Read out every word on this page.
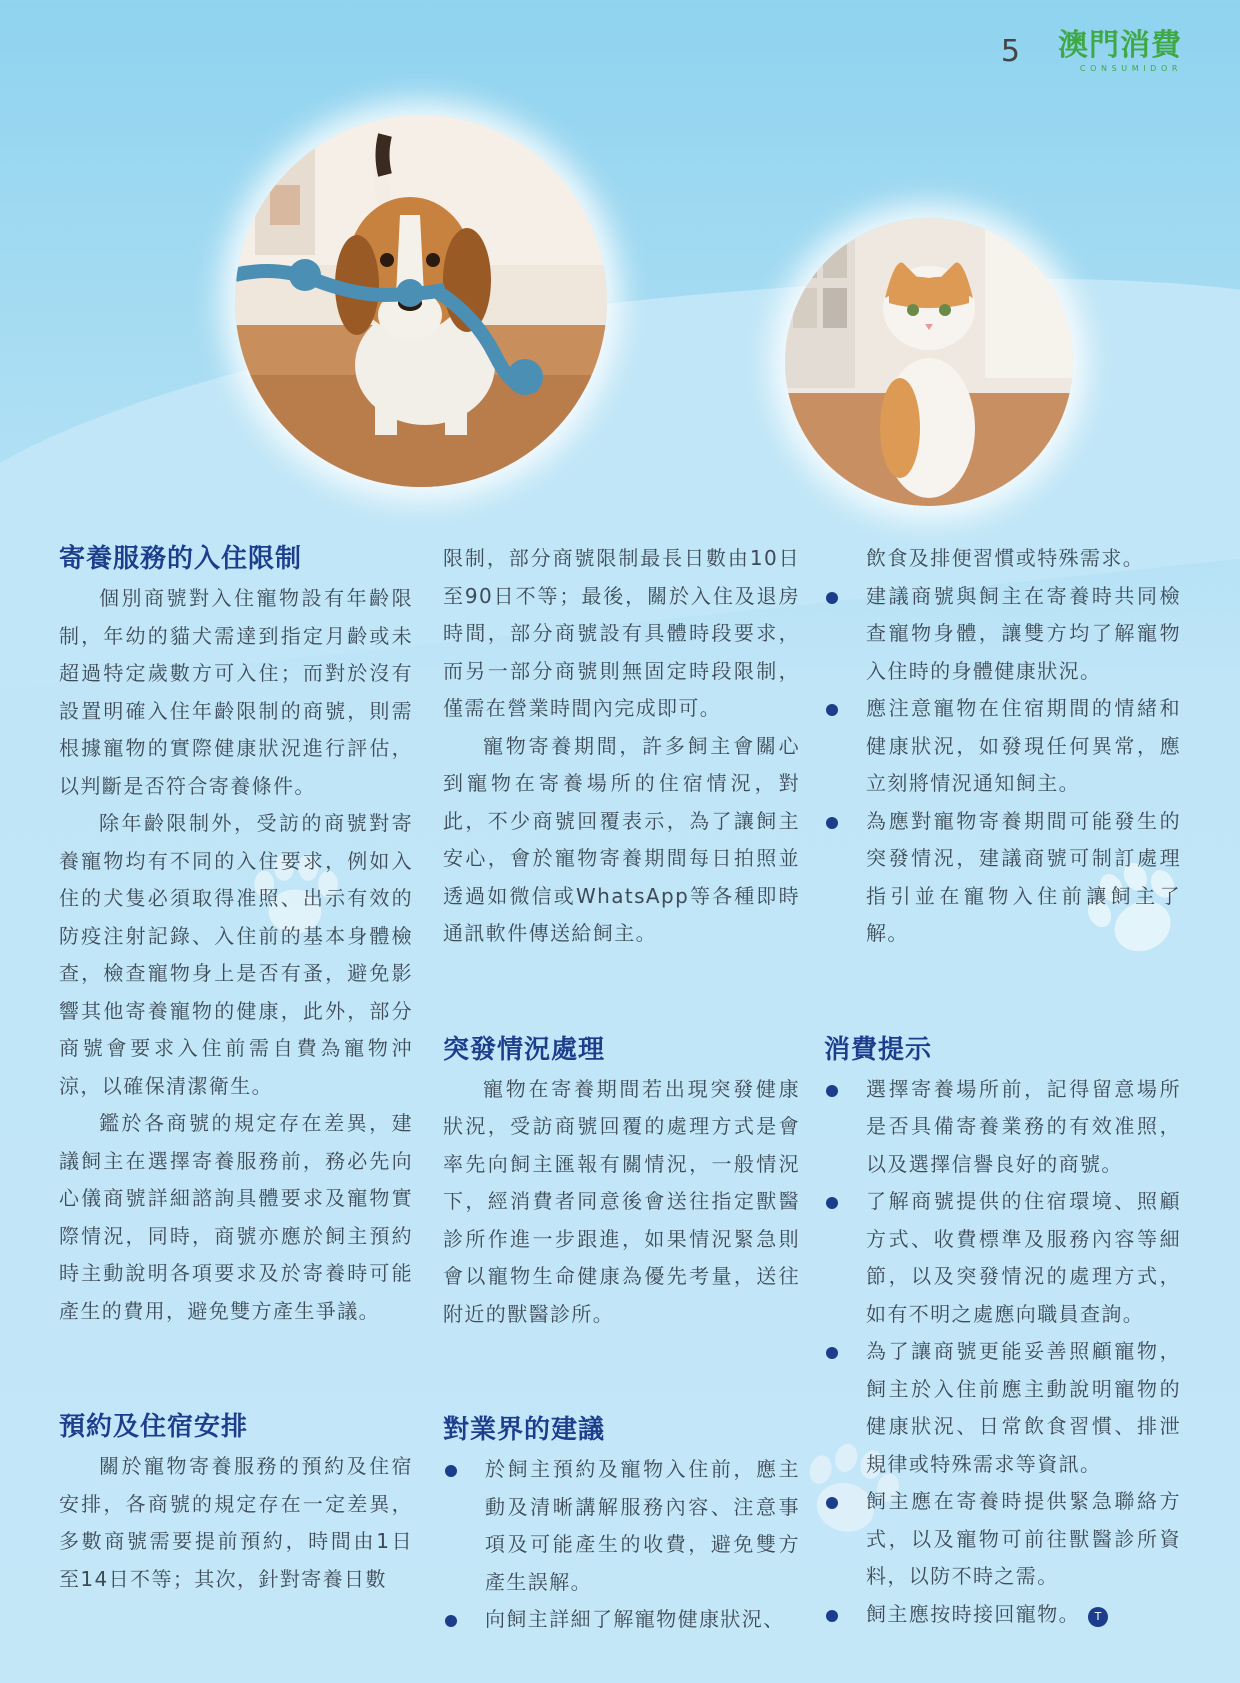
5 澳門消費
CONSUMIDOR
寄養服務的入住限制

個別商號對入住寵物設有年齡限制，年幼的貓犬需達到指定月齡或未超過特定歲數方可入住；而對於沒有設置明確入住年齡限制的商號，則需根據寵物的實際健康狀況進行評估，以判斷是否符合寄養條件。

除年齡限制外，受訪的商號對寄養寵物均有不同的入住要求，例如入住的犬隻必須取得准照、出示有效的防疫注射記錄、入住前的基本身體檢查，檢查寵物身上是否有蚤，避免影響其他寄養寵物的健康，此外，部分商號會要求入住前需自費為寵物沖涼，以確保清潔衛生。

鑑於各商號的規定存在差異，建議飼主在選擇寄養服務前，務必先向心儀商號詳細諮詢具體要求及寵物實際情況，同時，商號亦應於飼主預約時主動說明各項要求及於寄養時可能產生的費用，避免雙方產生爭議。

預約及住宿安排

關於寵物寄養服務的預約及住宿安排，各商號的規定存在一定差異，多數商號需要提前預約，時間由1日至14日不等；其次，針對寄養日數

限制，部分商號限制最長日數由10日至90日不等；最後，關於入住及退房時間，部分商號設有具體時段要求，而另一部分商號則無固定時段限制，僅需在營業時間內完成即可。

寵物寄養期間，許多飼主會關心到寵物在寄養場所的住宿情況，對此，不少商號回覆表示，為了讓飼主安心，會於寵物寄養期間每日拍照並透過如微信或WhatsApp等各種即時通訊軟件傳送給飼主。

突發情況處理

寵物在寄養期間若出現突發健康狀況，受訪商號回覆的處理方式是會率先向飼主匯報有關情況，一般情況下，經消費者同意後會送往指定獸醫診所作進一步跟進，如果情況緊急則會以寵物生命健康為優先考量，送往附近的獸醫診所。

對業界的建議
於飼主預約及寵物入住前，應主動及清晰講解服務內容、注意事項及可能產生的收費，避免雙方產生誤解。
向飼主詳細了解寵物健康狀況、
飲食及排便習慣或特殊需求。
建議商號與飼主在寄養時共同檢查寵物身體，讓雙方均了解寵物入住時的身體健康狀況。
應注意寵物在住宿期間的情緒和健康狀況，如發現任何異常，應立刻將情況通知飼主。
為應對寵物寄養期間可能發生的突發情況，建議商號可制訂處理指引並在寵物入住前讓飼主了解。
消費提示
選擇寄養場所前，記得留意場所是否具備寄養業務的有效准照，以及選擇信譽良好的商號。
了解商號提供的住宿環境、照顧方式、收費標準及服務內容等細節，以及突發情況的處理方式，如有不明之處應向職員查詢。
為了讓商號更能妥善照顧寵物，飼主於入住前應主動說明寵物的健康狀況、日常飲食習慣、排泄規律或特殊需求等資訊。
飼主應在寄養時提供緊急聯絡方式，以及寵物可前往獸醫診所資料，以防不時之需。
飼主應按時接回寵物。 T
